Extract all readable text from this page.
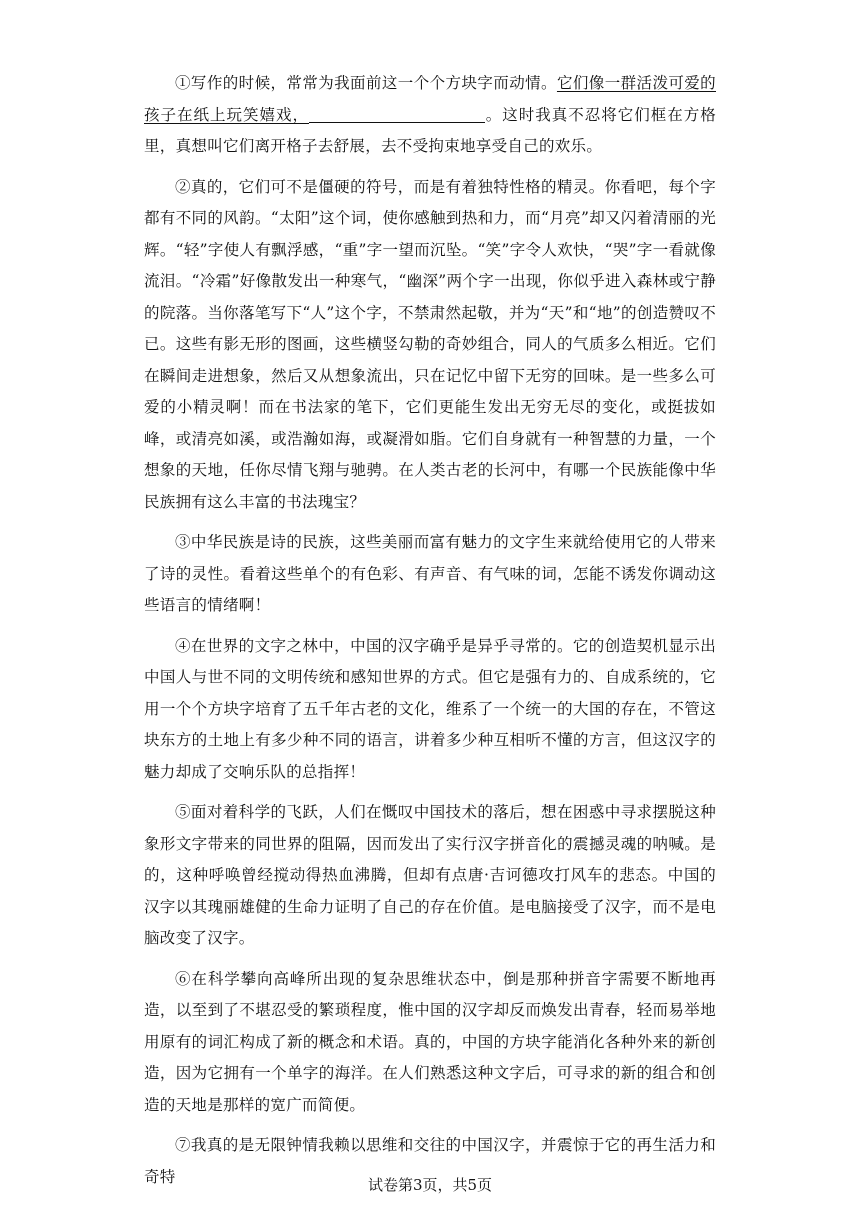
①写作的时候，常常为我面前这一个个方块字而动情。它们像一群活泼可爱的孩子在纸上玩笑嬉戏，	。这时我真不忍将它们框在方格里，真想叫它们离开格子去舒展，去不受拘束地享受自己的欢乐。

②真的，它们可不是僵硬的符号，而是有着独特性格的精灵。你看吧，每个字都有不同的风韵。“太阳”这个词，使你感触到热和力，而“月亮”却又闪着清丽的光辉。“轻”字使人有飘浮感，“重”字一望而沉坠。“笑”字令人欢快，“哭”字一看就像流泪。“冷霜”好像散发出一种寒气，“幽深”两个字一出现，你似乎进入森林或宁静的院落。当你落笔写下“人”这个字，不禁肃然起敬，并为“天”和“地”的创造赞叹不已。这些有影无形的图画，这些横竖勾勒的奇妙组合，同人的气质多么相近。它们在瞬间走进想象，然后又从想象流出，只在记忆中留下无穷的回味。是一些多么可爱的小精灵啊！而在书法家的笔下，它们更能生发出无穷无尽的变化，或挺拔如峰，或清亮如溪，或浩瀚如海，或凝滑如脂。它们自身就有一种智慧的力量，一个想象的天地，任你尽情飞翔与驰骋。在人类古老的长河中，有哪一个民族能像中华民族拥有这么丰富的书法瑰宝？

③中华民族是诗的民族，这些美丽而富有魅力的文字生来就给使用它的人带来了诗的灵性。看着这些单个的有色彩、有声音、有气味的词，怎能不诱发你调动这些语言的情绪啊！

④在世界的文字之林中，中国的汉字确乎是异乎寻常的。它的创造契机显示出中国人与世不同的文明传统和感知世界的方式。但它是强有力的、自成系统的，它用一个个方块字培育了五千年古老的文化，维系了一个统一的大国的存在，不管这块东方的土地上有多少种不同的语言，讲着多少种互相听不懂的方言，但这汉字的魅力却成了交响乐队的总指挥！

⑤面对着科学的飞跃，人们在慨叹中国技术的落后，想在困惑中寻求摆脱这种象形文字带来的同世界的阻隔，因而发出了实行汉字拼音化的震撼灵魂的呐喊。是的，这种呼唤曾经搅动得热血沸腾，但却有点唐·吉诃德攻打风车的悲态。中国的汉字以其瑰丽雄健的生命力证明了自己的存在价值。是电脑接受了汉字，而不是电脑改变了汉字。

⑥在科学攀向高峰所出现的复杂思维状态中，倒是那种拼音字需要不断地再造，以至到了不堪忍受的繁琐程度，惟中国的汉字却反而焕发出青春，轻而易举地用原有的词汇构成了新的概念和术语。真的，中国的方块字能消化各种外来的新创造，因为它拥有一个单字的海洋。在人们熟悉这种文字后，可寻求的新的组合和创造的天地是那样的宽广而简便。

⑦我真的是无限钟情我赖以思维和交往的中国汉字，并震惊于它的再生活力和奇特	试卷第3页，共5页
